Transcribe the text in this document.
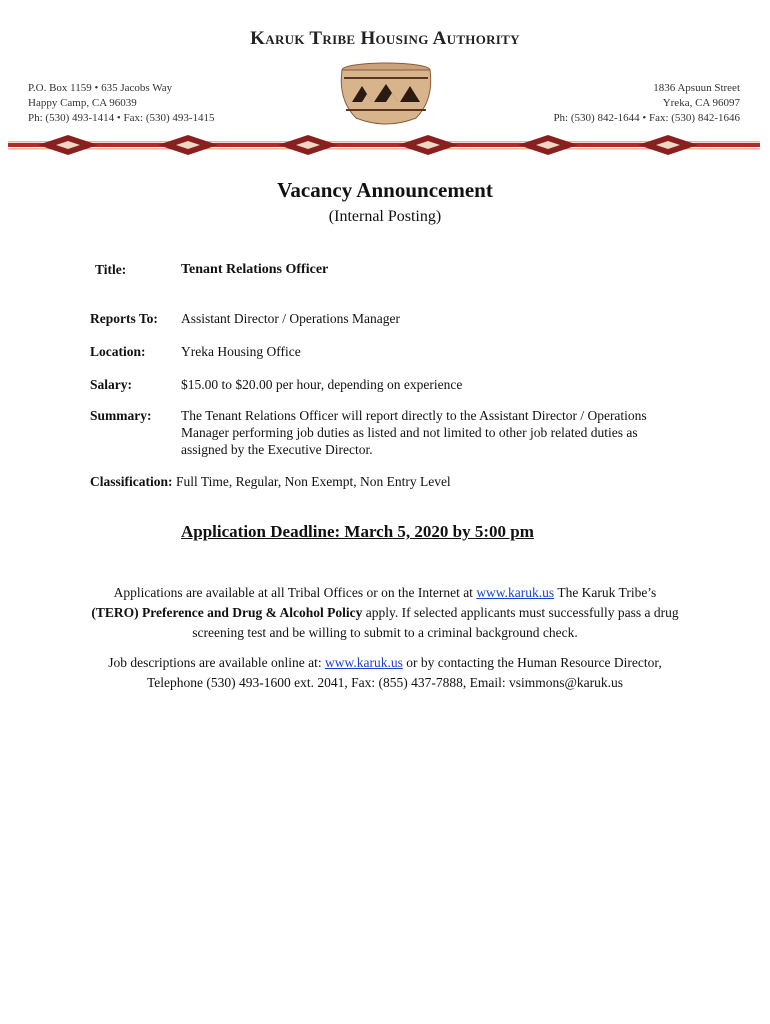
Karuk Tribe Housing Authority
P.O. Box 1159 • 635 Jacobs Way
Happy Camp, CA 96039
Ph: (530) 493-1414 • Fax: (530) 493-1415
1836 Apsuun Street
Yreka, CA 96097
Ph: (530) 842-1644 • Fax: (530) 842-1646
Vacancy Announcement
(Internal Posting)
Title:	Tenant Relations Officer
Reports To: Assistant Director / Operations Manager
Location:	Yreka Housing Office
Salary:	$15.00 to $20.00 per hour, depending on experience
Summary: The Tenant Relations Officer will report directly to the Assistant Director / Operations Manager performing job duties as listed and not limited to other job related duties as assigned by the Executive Director.
Classification: Full Time, Regular, Non Exempt, Non Entry Level
Application Deadline: March 5, 2020 by 5:00 pm
Applications are available at all Tribal Offices or on the Internet at www.karuk.us The Karuk Tribe’s (TERO) Preference and Drug & Alcohol Policy apply. If selected applicants must successfully pass a drug screening test and be willing to submit to a criminal background check.
Job descriptions are available online at: www.karuk.us or by contacting the Human Resource Director, Telephone (530) 493-1600 ext. 2041, Fax: (855) 437-7888, Email: vsimmons@karuk.us
